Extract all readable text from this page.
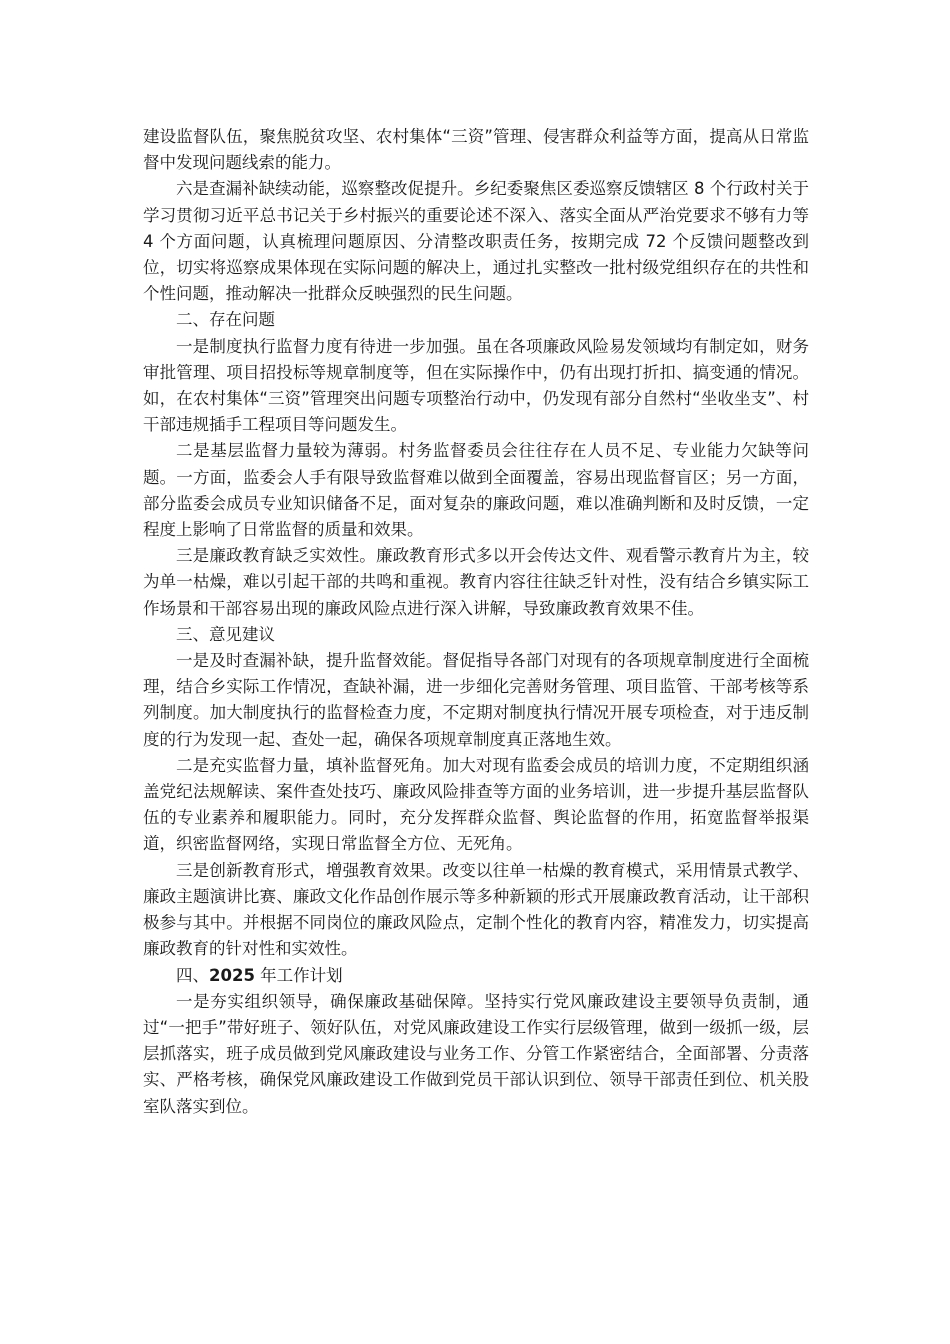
建设监督队伍，聚焦脱贫攻坚、农村集体“三资”管理、侵害群众利益等方面，提高从日常监督中发现问题线索的能力。

六是查漏补缺续动能，巡察整改促提升。乡纪委聚焦区委巡察反馈辖区 8 个行政村关于学习贯彻习近平总书记关于乡村振兴的重要论述不深入、落实全面从严治党要求不够有力等 4 个方面问题，认真梳理问题原因、分清整改职责任务，按期完成 72 个反馈问题整改到位，切实将巡察成果体现在实际问题的解决上，通过扎实整改一批村级党组织存在的共性和个性问题，推动解决一批群众反映强烈的民生问题。

二、存在问题

一是制度执行监督力度有待进一步加强。虽在各项廉政风险易发领域均有制定如，财务审批管理、项目招投标等规章制度等，但在实际操作中，仍有出现打折扣、搞变通的情况。如，在农村集体“三资”管理突出问题专项整治行动中，仍发现有部分自然村“坐收坐支”、村干部违规插手工程项目等问题发生。

二是基层监督力量较为薄弱。村务监督委员会往往存在人员不足、专业能力欠缺等问题。一方面，监委会人手有限导致监督难以做到全面覆盖，容易出现监督盲区；另一方面，部分监委会成员专业知识储备不足，面对复杂的廉政问题，难以准确判断和及时反馈，一定程度上影响了日常监督的质量和效果。

三是廉政教育缺乏实效性。廉政教育形式多以开会传达文件、观看警示教育片为主，较为单一枯燥，难以引起干部的共鸣和重视。教育内容往往缺乏针对性，没有结合乡镇实际工作场景和干部容易出现的廉政风险点进行深入讲解，导致廉政教育效果不佳。

三、意见建议

一是及时查漏补缺，提升监督效能。督促指导各部门对现有的各项规章制度进行全面梳理，结合乡实际工作情况，查缺补漏，进一步细化完善财务管理、项目监管、干部考核等系列制度。加大制度执行的监督检查力度，不定期对制度执行情况开展专项检查，对于违反制度的行为发现一起、查处一起，确保各项规章制度真正落地生效。

二是充实监督力量，填补监督死角。加大对现有监委会成员的培训力度，不定期组织涵盖党纪法规解读、案件查处技巧、廉政风险排查等方面的业务培训，进一步提升基层监督队伍的专业素养和履职能力。同时，充分发挥群众监督、舆论监督的作用，拓宽监督举报渠道，织密监督网络，实现日常监督全方位、无死角。

三是创新教育形式，增强教育效果。改变以往单一枯燥的教育模式，采用情景式教学、廉政主题演讲比赛、廉政文化作品创作展示等多种新颖的形式开展廉政教育活动，让干部积极参与其中。并根据不同岗位的廉政风险点，定制个性化的教育内容，精准发力，切实提高廉政教育的针对性和实效性。

四、2025 年工作计划

一是夯实组织领导，确保廉政基础保障。坚持实行党风廉政建设主要领导负责制，通过“一把手”带好班子、领好队伍，对党风廉政建设工作实行层级管理，做到一级抓一级，层层抓落实，班子成员做到党风廉政建设与业务工作、分管工作紧密结合，全面部署、分责落实、严格考核，确保党风廉政建设工作做到党员干部认识到位、领导干部责任到位、机关股室队落实到位。
